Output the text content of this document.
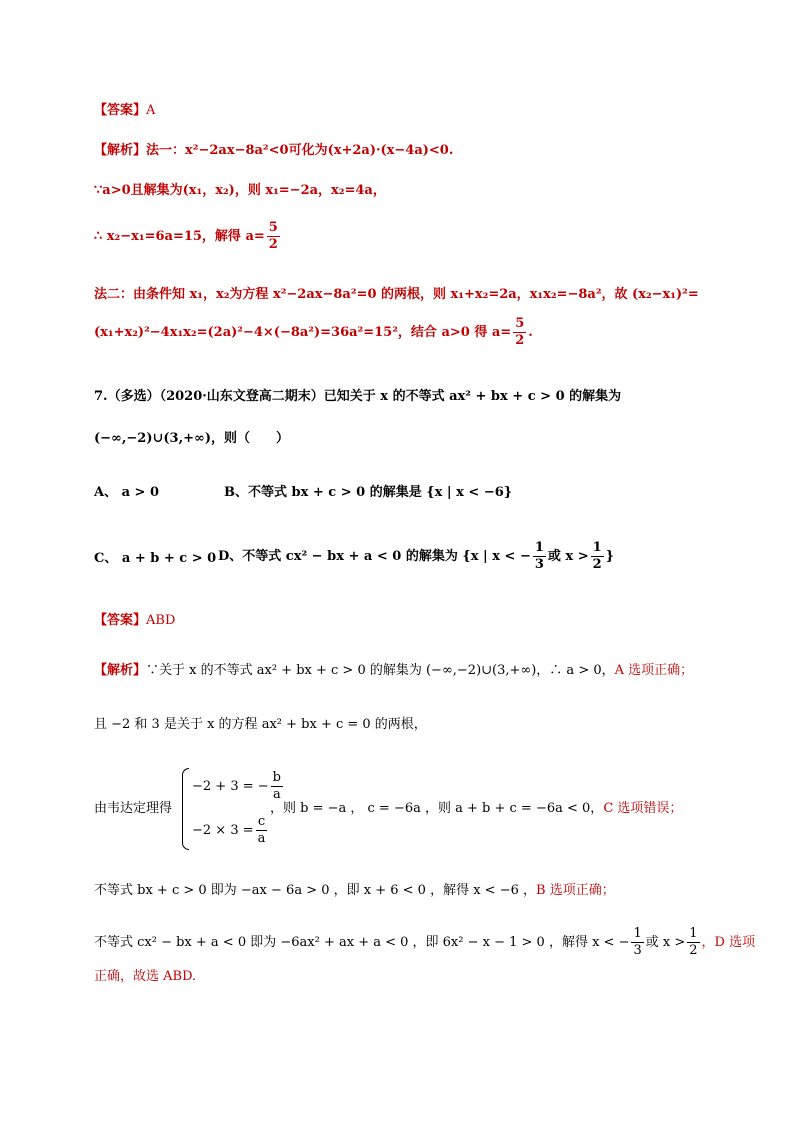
【答案】A
【解析】法一：x²−2ax−8a²<0可化为(x+2a)·(x−4a)<0.
∵a>0且解集为(x₁，x₂)，则 x₁=−2a，x₂=4a，
∴ x₂−x₁=6a=15，解得 $a= \frac{5}{2}$
法二：由条件知 x₁，x₂为方程 x²−2ax−8a²=0 的两根，则 x₁+x₂=2a，x₁x₂=−8a²，故 (x₂−x₁)²=
(x₁+x₂)²−4x₁x₂=(2a)²−4×(−8a²)=36a²=15²，结合 a>0 得 $a= \frac{5}{2}$ .
7.（多选）（2020·山东文登高二期末）已知关于 x 的不等式 ax² + bx + c > 0 的解集为
(−∞,−2)∪(3,+∞)，则（　　）
A、 a > 0	B、不等式 bx + c > 0 的解集是 {x | x < −6}
C、 a + b + c > 0 D、不等式 cx² − bx + a < 0 的解集为 {x | x < − $\frac{1}{3}$ 或 $x > \frac{1}{2}$ }
【答案】ABD
【解析】∵关于 x 的不等式 ax² + bx + c > 0 的解集为 (−∞,−2)∪(3,+∞)，∴ a > 0，A 选项正确；
且 −2 和 3 是关于 x 的方程 ax² + bx + c = 0 的两根，
由韦达定理得
−2 + 3 = − $\frac{b}{a}$
$-2 \times 3 = \frac{c}{a}$
，则 b = −a ， c = −6a ，则 a + b + c = −6a < 0，C 选项错误；
不等式 bx + c > 0 即为 −ax − 6a > 0 ，即 x + 6 < 0 ，解得 x < −6 ，B 选项正确；
不等式 cx² − bx + a < 0 即为 −6ax² + ax + a < 0 ，即 6x² − x − 1 > 0 ，解得 x < − $\frac{1}{3}$ 或 $x > \frac{1}{2}$ ，D 选项
正确，故选 ABD.
